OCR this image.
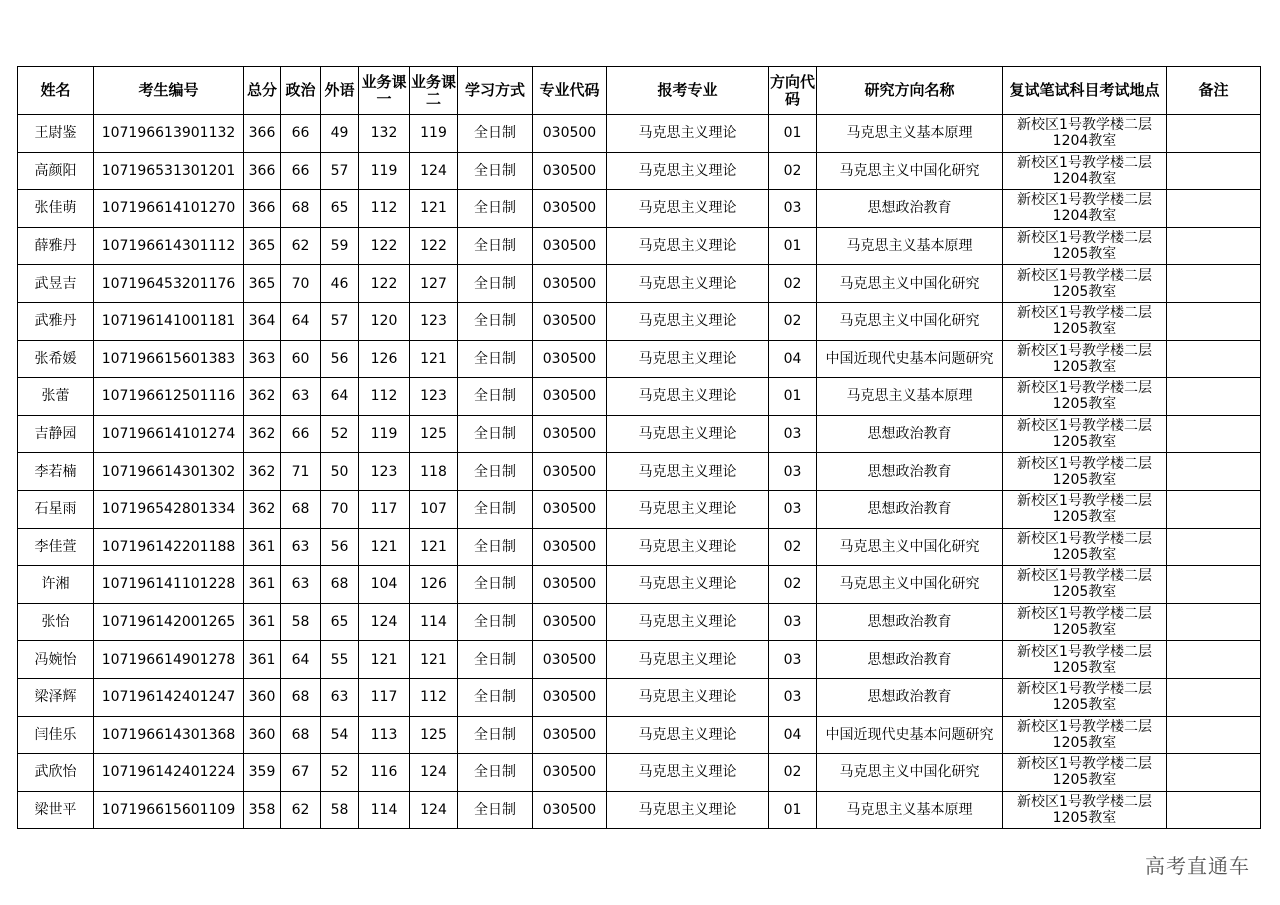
姓名	考生编号	总分	政治	外语	业务课一	业务课二	学习方式	专业代码	报考专业	方向代码	研究方向名称	复试笔试科目考试地点	备注
王尉鉴	107196613901132	366	66	49	132	119	全日制	030500	马克思主义理论	01	马克思主义基本原理	新校区1号教学楼二层
1204教室	

高颜阳	107196531301201	366	66	57	119	124	全日制	030500	马克思主义理论	02	马克思主义中国化研究	新校区1号教学楼二层
1204教室	

张佳萌	107196614101270	366	68	65	112	121	全日制	030500	马克思主义理论	03	思想政治教育	新校区1号教学楼二层
1204教室	

薛雅丹	107196614301112	365	62	59	122	122	全日制	030500	马克思主义理论	01	马克思主义基本原理	新校区1号教学楼二层
1205教室	

武昱吉	107196453201176	365	70	46	122	127	全日制	030500	马克思主义理论	02	马克思主义中国化研究	新校区1号教学楼二层
1205教室	

武雅丹	107196141001181	364	64	57	120	123	全日制	030500	马克思主义理论	02	马克思主义中国化研究	新校区1号教学楼二层
1205教室	

张希媛	107196615601383	363	60	56	126	121	全日制	030500	马克思主义理论	04	中国近现代史基本问题研究	新校区1号教学楼二层
1205教室	

张蕾	107196612501116	362	63	64	112	123	全日制	030500	马克思主义理论	01	马克思主义基本原理	新校区1号教学楼二层
1205教室	

吉静园	107196614101274	362	66	52	119	125	全日制	030500	马克思主义理论	03	思想政治教育	新校区1号教学楼二层
1205教室	

李若楠	107196614301302	362	71	50	123	118	全日制	030500	马克思主义理论	03	思想政治教育	新校区1号教学楼二层
1205教室	

石星雨	107196542801334	362	68	70	117	107	全日制	030500	马克思主义理论	03	思想政治教育	新校区1号教学楼二层
1205教室	

李佳萱	107196142201188	361	63	56	121	121	全日制	030500	马克思主义理论	02	马克思主义中国化研究	新校区1号教学楼二层
1205教室	

许湘	107196141101228	361	63	68	104	126	全日制	030500	马克思主义理论	02	马克思主义中国化研究	新校区1号教学楼二层
1205教室	

张怡	107196142001265	361	58	65	124	114	全日制	030500	马克思主义理论	03	思想政治教育	新校区1号教学楼二层
1205教室	

冯婉怡	107196614901278	361	64	55	121	121	全日制	030500	马克思主义理论	03	思想政治教育	新校区1号教学楼二层
1205教室	

梁泽辉	107196142401247	360	68	63	117	112	全日制	030500	马克思主义理论	03	思想政治教育	新校区1号教学楼二层
1205教室	

闫佳乐	107196614301368	360	68	54	113	125	全日制	030500	马克思主义理论	04	中国近现代史基本问题研究	新校区1号教学楼二层
1205教室	

武欣怡	107196142401224	359	67	52	116	124	全日制	030500	马克思主义理论	02	马克思主义中国化研究	新校区1号教学楼二层
1205教室	

梁世平	107196615601109	358	62	58	114	124	全日制	030500	马克思主义理论	01	马克思主义基本原理	新校区1号教学楼二层
1205教室	

高考直通车
